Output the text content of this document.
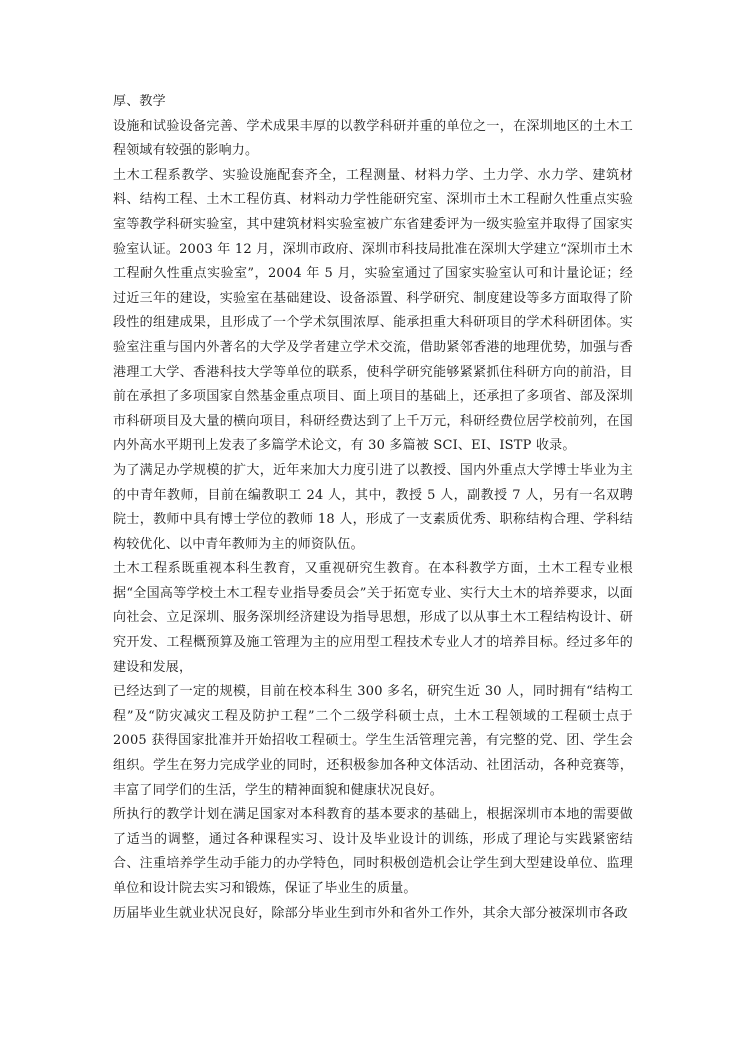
厚、教学

设施和试验设备完善、学术成果丰厚的以教学科研并重的单位之一，在深圳地区的土木工程领域有较强的影响力。

土木工程系教学、实验设施配套齐全，工程测量、材料力学、土力学、水力学、建筑材料、结构工程、土木工程仿真、材料动力学性能研究室、深圳市土木工程耐久性重点实验室等教学科研实验室，其中建筑材料实验室被广东省建委评为一级实验室并取得了国家实验室认证。2003 年 12 月，深圳市政府、深圳市科技局批准在深圳大学建立“深圳市土木工程耐久性重点实验室”，2004 年 5 月，实验室通过了国家实验室认可和计量论证；经过近三年的建设，实验室在基础建设、设备添置、科学研究、制度建设等多方面取得了阶段性的组建成果，且形成了一个学术氛围浓厚、能承担重大科研项目的学术科研团体。实验室注重与国内外著名的大学及学者建立学术交流，借助紧邻香港的地理优势，加强与香港理工大学、香港科技大学等单位的联系，使科学研究能够紧紧抓住科研方向的前沿，目前在承担了多项国家自然基金重点项目、面上项目的基础上，还承担了多项省、部及深圳市科研项目及大量的横向项目，科研经费达到了上千万元，科研经费位居学校前列，在国内外高水平期刊上发表了多篇学术论文，有 30 多篇被 SCI、EI、ISTP 收录。

为了满足办学规模的扩大，近年来加大力度引进了以教授、国内外重点大学博士毕业为主的中青年教师，目前在编教职工 24 人，其中，教授 5 人，副教授 7 人，另有一名双聘院士，教师中具有博士学位的教师 18 人，形成了一支素质优秀、职称结构合理、学科结构较优化、以中青年教师为主的师资队伍。

土木工程系既重视本科生教育，又重视研究生教育。在本科教学方面，土木工程专业根据“全国高等学校土木工程专业指导委员会”关于拓宽专业、实行大土木的培养要求，以面向社会、立足深圳、服务深圳经济建设为指导思想，形成了以从事土木工程结构设计、研究开发、工程概预算及施工管理为主的应用型工程技术专业人才的培养目标。经过多年的建设和发展，

已经达到了一定的规模，目前在校本科生 300 多名，研究生近 30 人，同时拥有“结构工程”及“防灾减灾工程及防护工程”二个二级学科硕士点，土木工程领域的工程硕士点于 2005 获得国家批准并开始招收工程硕士。学生生活管理完善，有完整的党、团、学生会组织。学生在努力完成学业的同时，还积极参加各种文体活动、社团活动，各种竞赛等，丰富了同学们的生活，学生的精神面貌和健康状况良好。

所执行的教学计划在满足国家对本科教育的基本要求的基础上，根据深圳市本地的需要做了适当的调整，通过各种课程实习、设计及毕业设计的训练，形成了理论与实践紧密结合、注重培养学生动手能力的办学特色，同时积极创造机会让学生到大型建设单位、监理单位和设计院去实习和锻炼，保证了毕业生的质量。

历届毕业生就业状况良好，除部分毕业生到市外和省外工作外，其余大部分被深圳市各政
